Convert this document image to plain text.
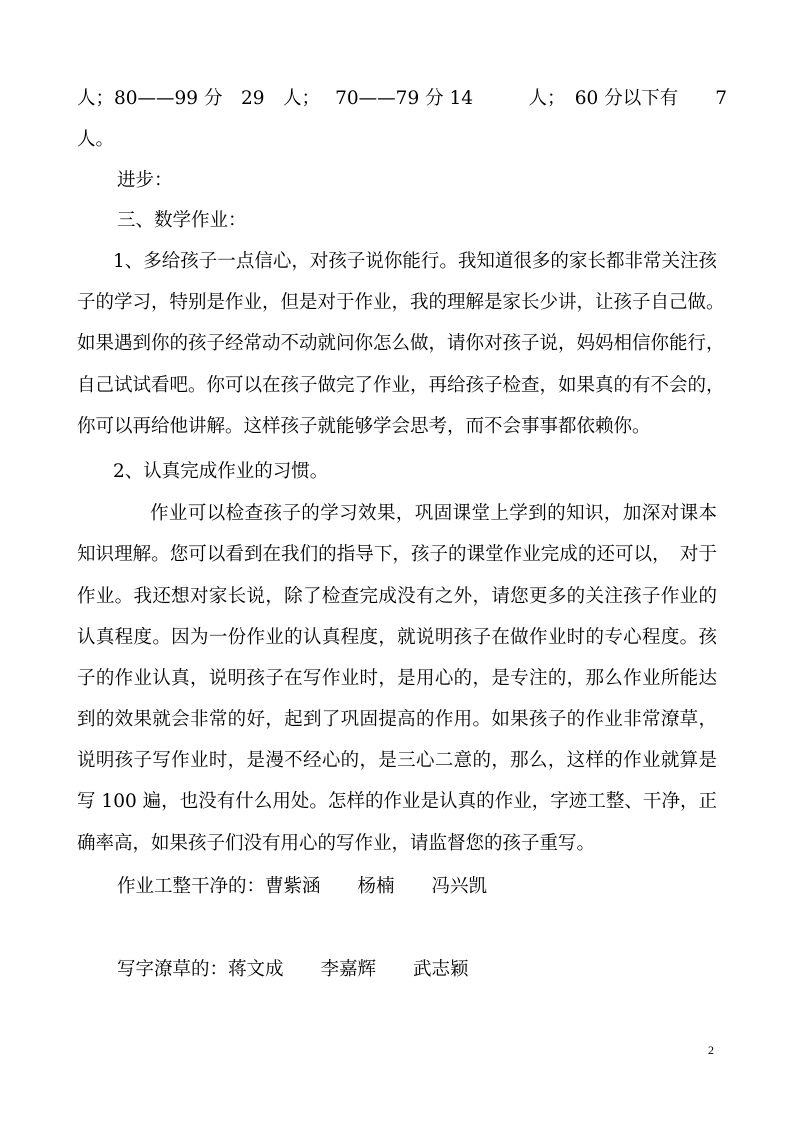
人；80——99 分　29　人；　 70——79 分 14　　　人；　60 分以下有　　7
人。
进步：
三、数学作业：
1、多给孩子一点信心，对孩子说你能行。我知道很多的家长都非常关注孩
子的学习，特别是作业，但是对于作业，我的理解是家长少讲，让孩子自己做。
如果遇到你的孩子经常动不动就问你怎么做，请你对孩子说，妈妈相信你能行，
自己试试看吧。你可以在孩子做完了作业，再给孩子检查，如果真的有不会的，
你可以再给他讲解。这样孩子就能够学会思考，而不会事事都依赖你。
2、认真完成作业的习惯。
作业可以检查孩子的学习效果，巩固课堂上学到的知识，加深对课本
知识理解。您可以看到在我们的指导下，孩子的课堂作业完成的还可以，　对于
作业。我还想对家长说，除了检查完成没有之外，请您更多的关注孩子作业的
认真程度。因为一份作业的认真程度，就说明孩子在做作业时的专心程度。孩
子的作业认真，说明孩子在写作业时，是用心的，是专注的，那么作业所能达
到的效果就会非常的好，起到了巩固提高的作用。如果孩子的作业非常潦草，
说明孩子写作业时，是漫不经心的，是三心二意的，那么，这样的作业就算是
写 100 遍，也没有什么用处。怎样的作业是认真的作业，字迹工整、干净，正
确率高，如果孩子们没有用心的写作业，请监督您的孩子重写。
作业工整干净的：曹紫涵　　杨楠　　冯兴凯
写字潦草的：蒋文成　　李嘉辉　　武志颖
2
